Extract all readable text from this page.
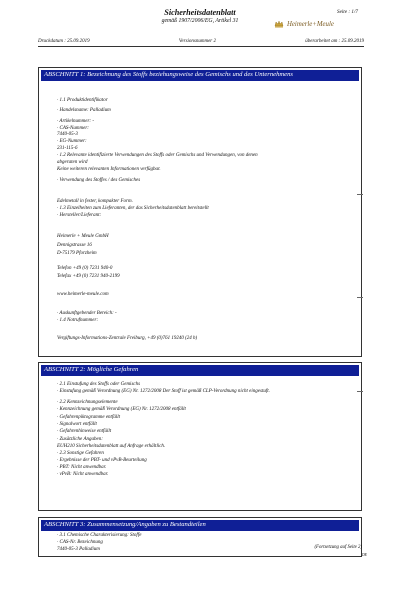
Sicherheitsdatenblatt
gemäß 1907/2006/EG, Artikel 31
Seite : 1/7
Heimerle+Meule
Druckdatum : 25.09.2019	Versionsnummer 2	überarbeitet am : 25.09.2019
ABSCHNITT 1: Bezeichnung des Stoffs beziehungsweise des Gemischs und des Unternehmens
· 1.1 Produktidentifikator
· Handelsname: Palladium
· Artikelnummer: -
· CAS-Nummer:
7440-05-3
· EG-Nummer:
231-115-6
· 1.2 Relevante identifizierte Verwendungen des Stoffs oder Gemischs und Verwendungen, von denen
abgeraten wird
Keine weiteren relevanten Informationen verfügbar.
· Verwendung des Stoffes / des Gemisches
Edelmetall in fester, kompakter Form.
· 1.3 Einzelheiten zum Lieferanten, der das Sicherheitsdatenblatt bereitstellt
· Hersteller/Lieferant:
Heimerle + Meule GmbH
Dennigstrasse 16
D-75179 Pforzheim
Telefon +49 (0) 7231 940-0
Telefax +49 (0) 7231 940-2199
www.heimerle-meule.com
· Auskunftgebender Bereich: -
· 1.4 Notrufnummer:
Vergiftungs-Informations-Zentrale Freiburg, +49 (0)761 19240 (24 h)
ABSCHNITT 2: Mögliche Gefahren
· 2.1 Einstufung des Stoffs oder Gemischs
· Einstufung gemäß Verordnung (EG) Nr. 1272/2008 Der Stoff ist gemäß CLP-Verordnung nicht eingestuft.
· 2.2 Kennzeichnungselemente
· Kennzeichnung gemäß Verordnung (EG) Nr. 1272/2008 entfällt
· Gefahrenpiktogramme entfällt
· Signalwort entfällt
· Gefahrenhinweise entfällt
· Zusätzliche Angaben:
EUH210 Sicherheitsdatenblatt auf Anfrage erhältlich.
· 2.3 Sonstige Gefahren
· Ergebnisse der PBT- und vPvB-Beurteilung
· PBT: Nicht anwendbar.
· vPvB: Nicht anwendbar.
ABSCHNITT 3: Zusammensetzung/Angaben zu Bestandteilen
· 3.1 Chemische Charakterisierung: Stoffe
· CAS-Nr. Bezeichnung
7440-05-3 Palladium	(Fortsetzung auf Seite 2)
DE
